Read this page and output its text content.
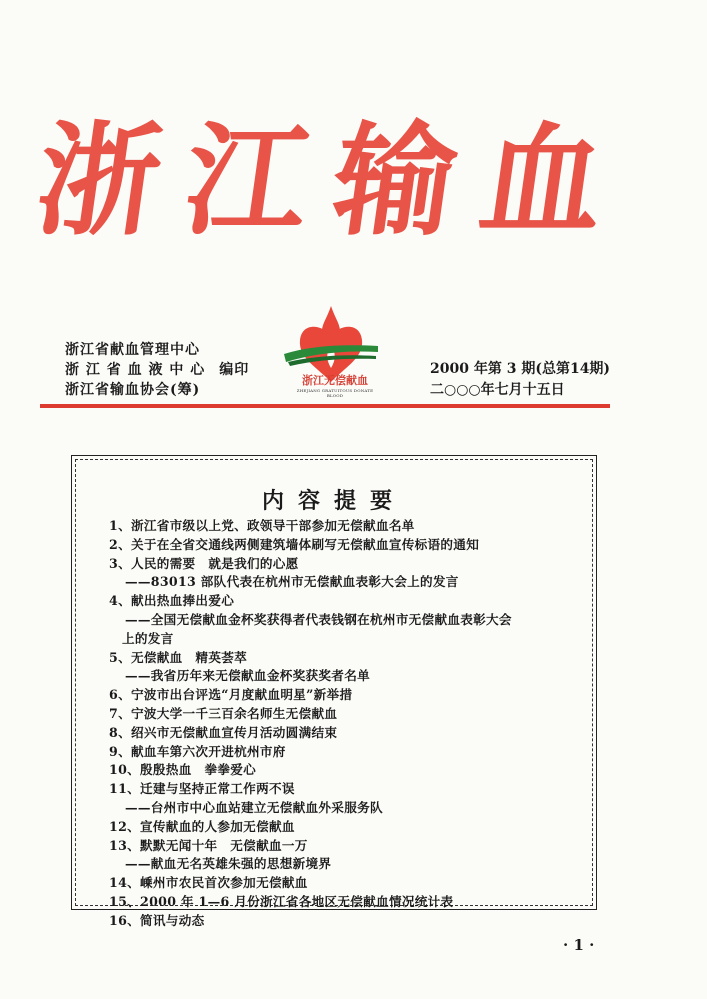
浙江输血
浙江省献血管理中心
浙 江 省 血 液 中 心 编印
浙江省输血协会(筹)
浙江无偿献血
ZHEJIANG GRATUITOUS DONATE BLOOD
2000 年第 3 期(总第14期)
二○○○年七月十五日
内容提要
1、浙江省市级以上党、政领导干部参加无偿献血名单
2、关于在全省交通线两侧建筑墙体刷写无偿献血宣传标语的通知
3、人民的需要　就是我们的心愿
——83013 部队代表在杭州市无偿献血表彰大会上的发言
4、献出热血捧出爱心
——全国无偿献血金杯奖获得者代表钱钢在杭州市无偿献血表彰大会
上的发言
5、无偿献血　精英荟萃
——我省历年来无偿献血金杯奖获奖者名单
6、宁波市出台评选“月度献血明星”新举措
7、宁波大学一千三百余名师生无偿献血
8、绍兴市无偿献血宣传月活动圆满结束
9、献血车第六次开进杭州市府
10、殷殷热血　拳拳爱心
11、迁建与坚持正常工作两不误
——台州市中心血站建立无偿献血外采服务队
12、宣传献血的人参加无偿献血
13、默默无闻十年　无偿献血一万
——献血无名英雄朱强的思想新境界
14、嵊州市农民首次参加无偿献血
15、2000 年 1—6 月份浙江省各地区无偿献血情况统计表
16、简讯与动态
· 1 ·
